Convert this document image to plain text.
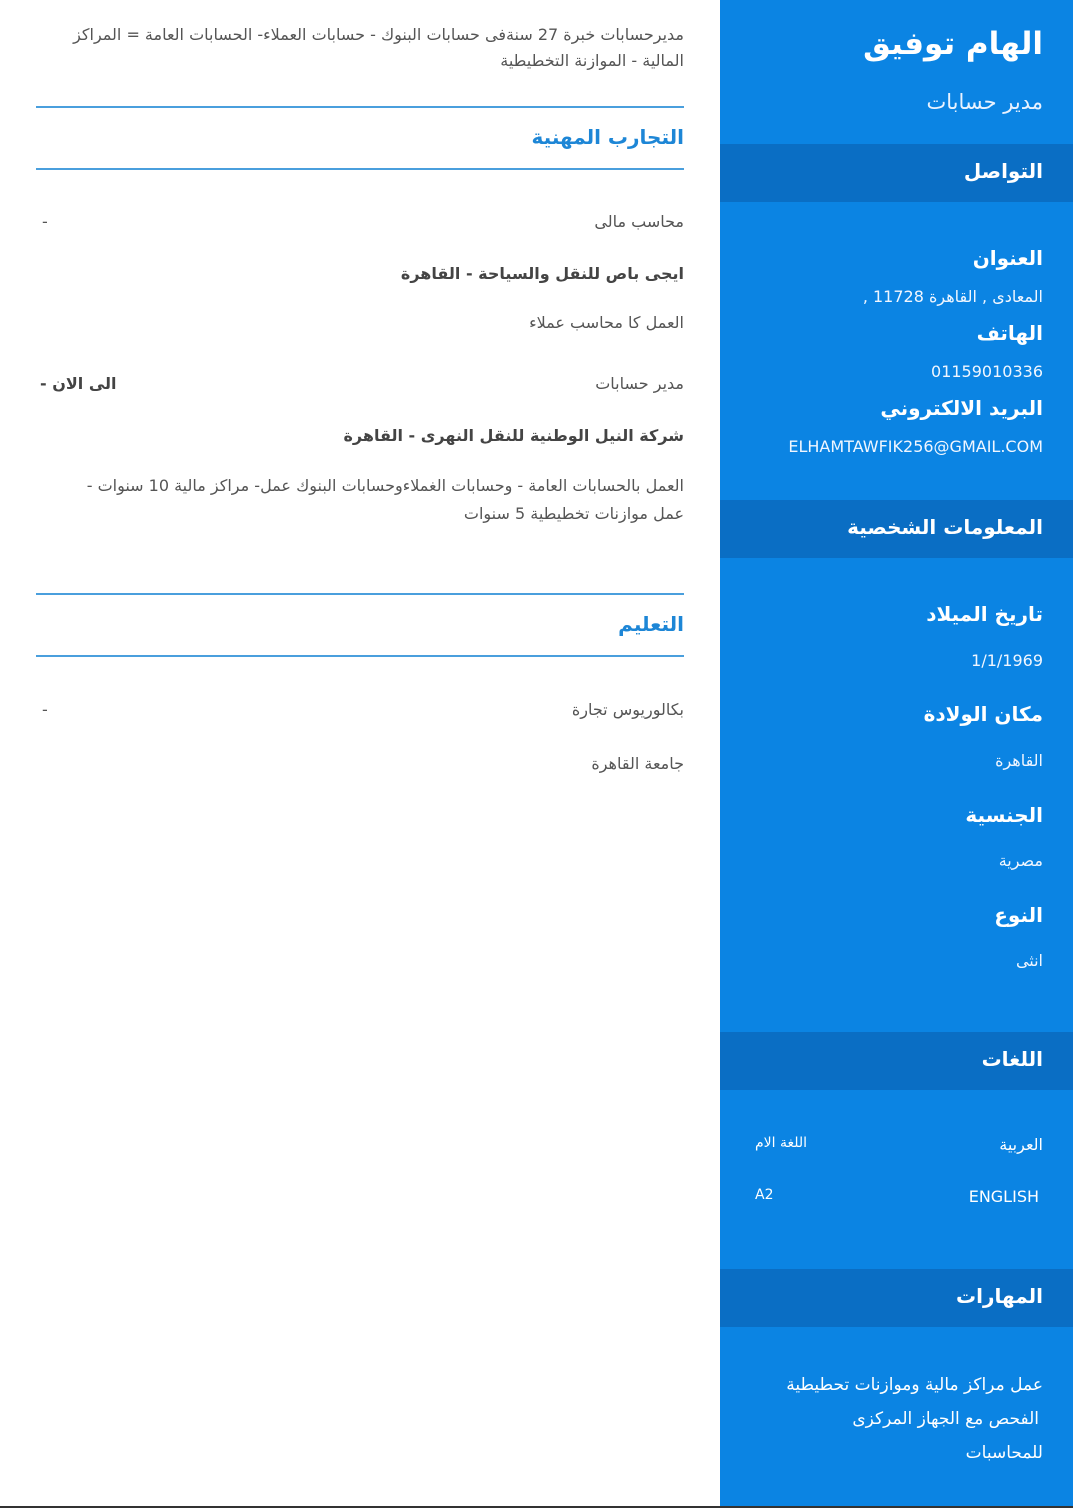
الهام توفيق
مدير حسابات
التواصل
العنوان
المعادى , القاهرة 11728 ,
الهاتف
01159010336
البريد الالكتروني
ELHAMTAWFIK256@GMAIL.COM
المعلومات الشخصية
تاريخ الميلاد
1/1/1969
مكان الولادة
القاهرة
الجنسية
مصرية
النوع
انثى
اللغات
العربية
اللغة الام
ENGLISH
A2
المهارات
عمل مراكز مالية وموازنات تحطيطية
الفحص مع الجهاز المركزى
للمحاسبات
مديرحسابات خبرة 27 سنةفى حسابات البنوك - حسابات العملاء- الحسابات العامة = المراكز المالية - الموازنة التخطيطية
التجارب المهنية
محاسب مالى
-
ايجى باص للنقل والسياحة - القاهرة
العمل كا محاسب عملاء
مدير حسابات
الى الان -
شركة النيل الوطنية للنقل النهرى - القاهرة
العمل بالحسابات العامة - وحسابات الغملاءوحسابات البنوك عمل- مراكز مالية 10 سنوات - عمل موازنات تخطيطية 5 سنوات
التعليم
بكالوريوس تجارة
-
جامعة القاهرة
